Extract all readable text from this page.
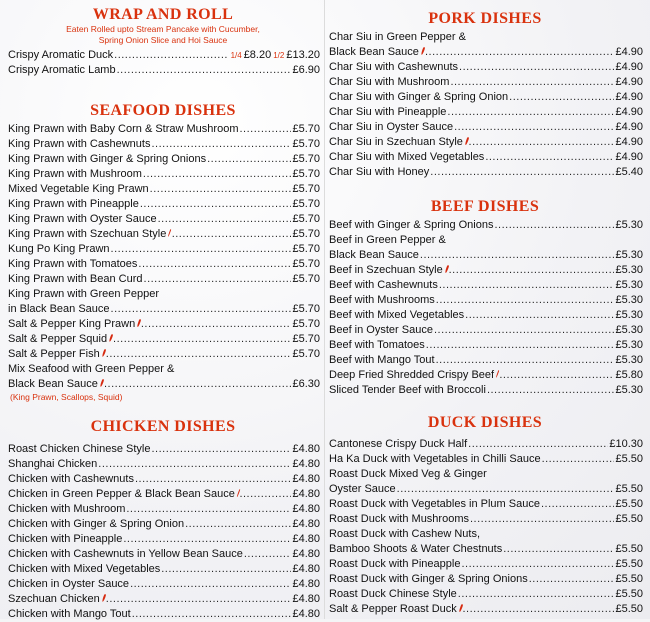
WRAP AND ROLL
Eaten Rolled upto Stream Pancake with Cucumber,
Spring Onion Slice and Hoi Sauce
Crispy Aromatic Duck .....	1/4 £8.20 1/2 £13.20
Crispy Aromatic Lamb .....	£6.90
SEAFOOD DISHES
King Prawn with Baby Corn & Straw Mushroom .....	£5.70
King Prawn with Cashewnuts .....	£5.70
King Prawn with Ginger & Spring Onions .....	£5.70
King Prawn with Mushroom .....	£5.70
Mixed Vegetable King Prawn .....	£5.70
King Prawn with Pineapple .....	£5.70
King Prawn with Oyster Sauce .....	£5.70
King Prawn with Szechuan Style .....	£5.70
Kung Po King Prawn .....	£5.70
King Prawn with Tomatoes .....	£5.70
King Prawn with Bean Curd .....	£5.70
King Prawn with Green Pepper
in Black Bean Sauce .....	£5.70
Salt & Pepper King Prawn .....	£5.70
Salt & Pepper Squid .....	£5.70
Salt & Pepper Fish .....	£5.70
Mix Seafood with Green Pepper &
Black Bean Sauce .....	£6.30
(King Prawn, Scallops, Squid)
CHICKEN DISHES
Roast Chicken Chinese Style .....	£4.80
Shanghai Chicken .....	£4.80
Chicken with Cashewnuts .....	£4.80
Chicken in Green Pepper & Black Bean Sauce .....	£4.80
Chicken with Mushroom .....	£4.80
Chicken with Ginger & Spring Onion .....	£4.80
Chicken with Pineapple .....	£4.80
Chicken with Cashewnuts in Yellow Bean Sauce .....	£4.80
Chicken with Mixed Vegetables .....	£4.80
Chicken in Oyster Sauce .....	£4.80
Szechuan Chicken .....	£4.80
Chicken with Mango Tout .....	£4.80
PORK DISHES
Char Siu in Green Pepper &
Black Bean Sauce .....	£4.90
Char Siu with Cashewnuts .....	£4.90
Char Siu with Mushroom .....	£4.90
Char Siu with Ginger & Spring Onion .....	£4.90
Char Siu with Pineapple .....	£4.90
Char Siu in Oyster Sauce .....	£4.90
Char Siu in Szechuan Style .....	£4.90
Char Siu with Mixed Vegetables .....	£4.90
Char Siu with Honey .....	£5.40
BEEF DISHES
Beef with Ginger & Spring Onions .....	£5.30
Beef in Green Pepper &
Black Bean Sauce .....	£5.30
Beef in Szechuan Style .....	£5.30
Beef with Cashewnuts .....	£5.30
Beef with Mushrooms .....	£5.30
Beef with Mixed Vegetables .....	£5.30
Beef in Oyster Sauce .....	£5.30
Beef with Tomatoes .....	£5.30
Beef with Mango Tout .....	£5.30
Deep Fried Shredded Crispy Beef .....	£5.80
Sliced Tender Beef with Broccoli .....	£5.30
DUCK DISHES
Cantonese Crispy Duck Half .....	£10.30
Ha Ka Duck with Vegetables in Chilli Sauce .....	£5.50
Roast Duck Mixed Veg & Ginger
Oyster Sauce .....	£5.50
Roast Duck with Vegetables in Plum Sauce .....	£5.50
Roast Duck with Mushrooms .....	£5.50
Roast Duck with Cashew Nuts,
Bamboo Shoots & Water Chestnuts .....	£5.50
Roast Duck with Pineapple .....	£5.50
Roast Duck with Ginger & Spring Onions .....	£5.50
Roast Duck Chinese Style .....	£5.50
Salt & Pepper Roast Duck .....	£5.50
